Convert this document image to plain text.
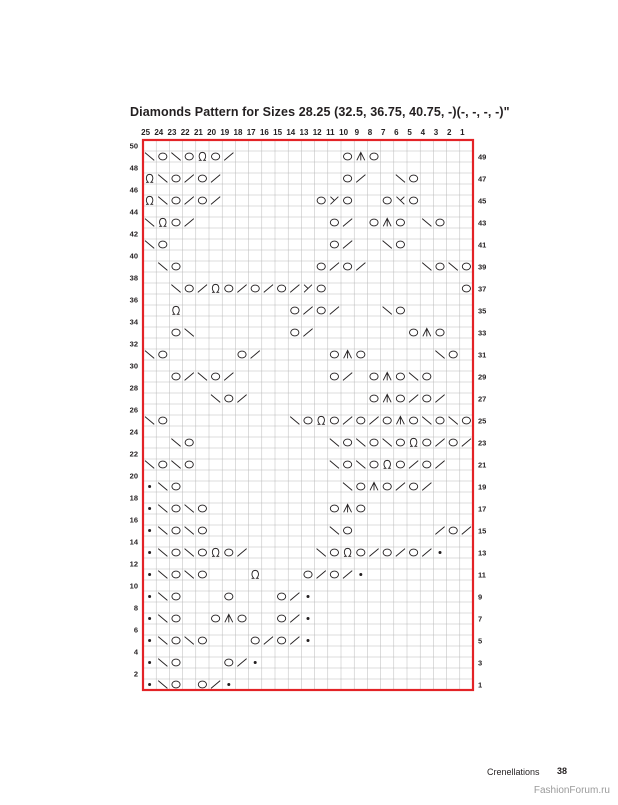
Diamonds Pattern for Sizes 28.25 (32.5, 36.75, 40.75, -)(-, -, -, -)"
25 24 23 22 21 20 19 18 17 16 15 14 13 12 11 10 9 8 7 6 5 4 3 2 1
49
47
45
43
41
39
37
35
33
31
29
27
25
23
21
19
17
15
13
11
9
7
5
3
1
50
48
46
44
42
40
38
36
34
32
30
28
26
24
22
20
18
16
14
12
10
8
6
4
2
Crenellations 38
FashionForum.ru
